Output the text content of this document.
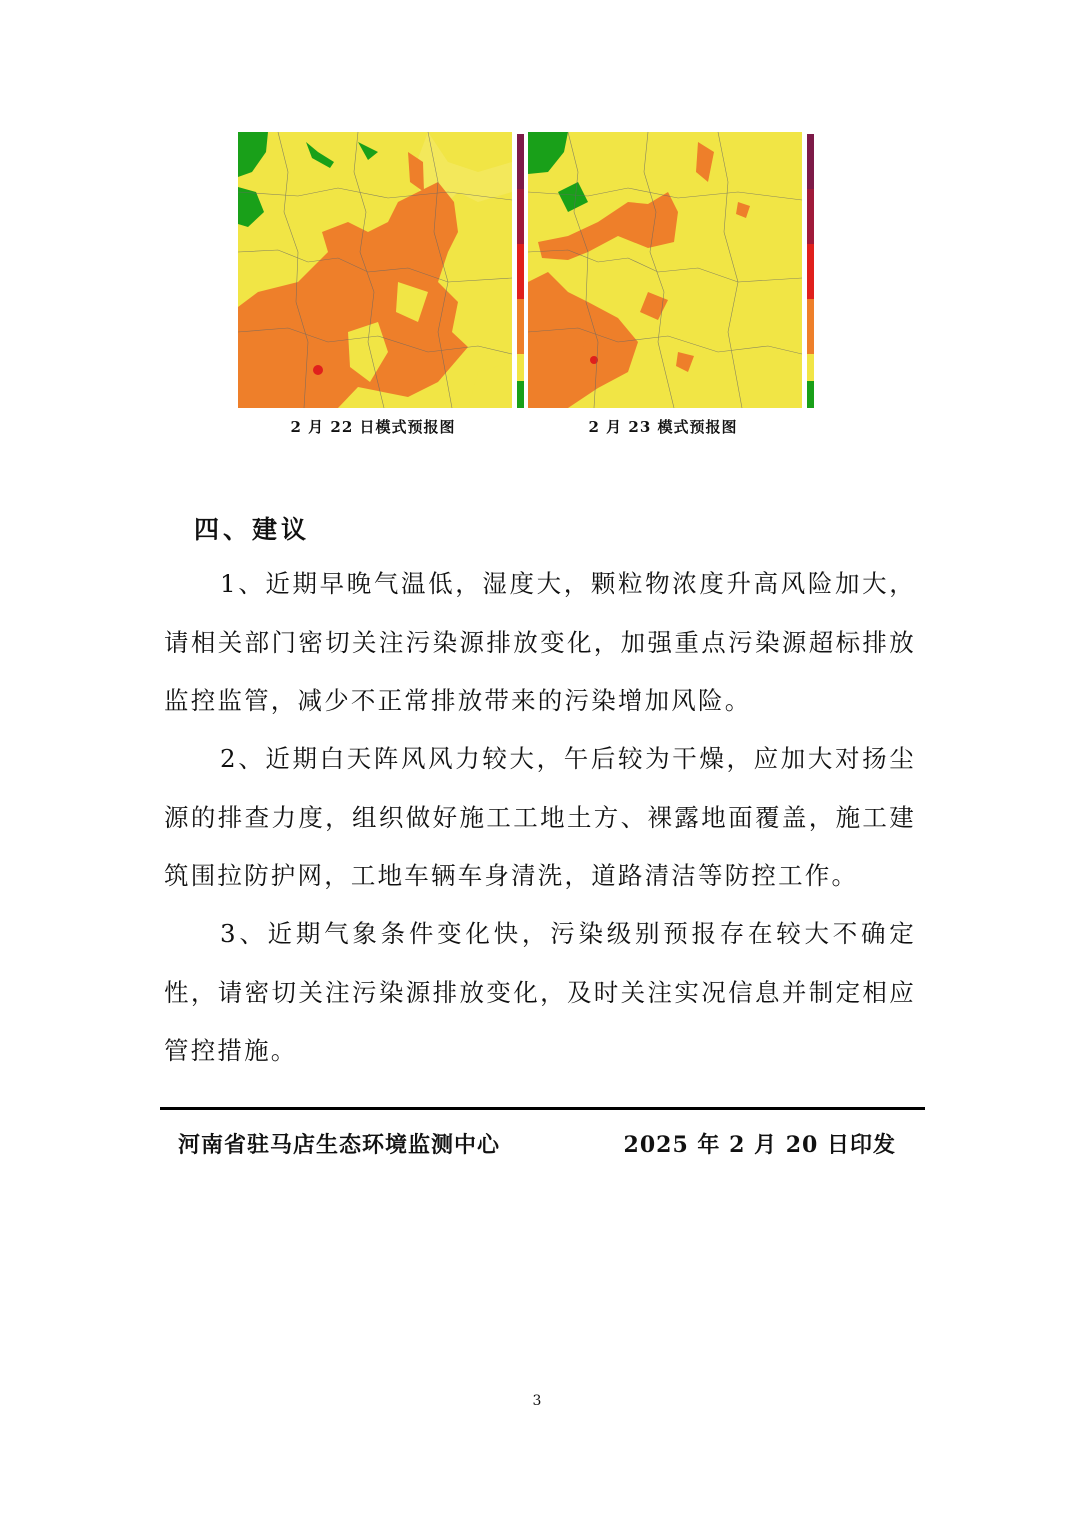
2 月 22 日模式预报图	2 月 23 模式预报图
四、建议
1、近期早晚气温低，湿度大，颗粒物浓度升高风险加大，请相关部门密切关注污染源排放变化，加强重点污染源超标排放监控监管，减少不正常排放带来的污染增加风险。
2、近期白天阵风风力较大，午后较为干燥，应加大对扬尘源的排查力度，组织做好施工工地土方、裸露地面覆盖，施工建筑围拉防护网，工地车辆车身清洗，道路清洁等防控工作。
3、近期气象条件变化快，污染级别预报存在较大不确定性，请密切关注污染源排放变化，及时关注实况信息并制定相应管控措施。
河南省驻马店生态环境监测中心	2025 年 2 月 20 日印发
3
